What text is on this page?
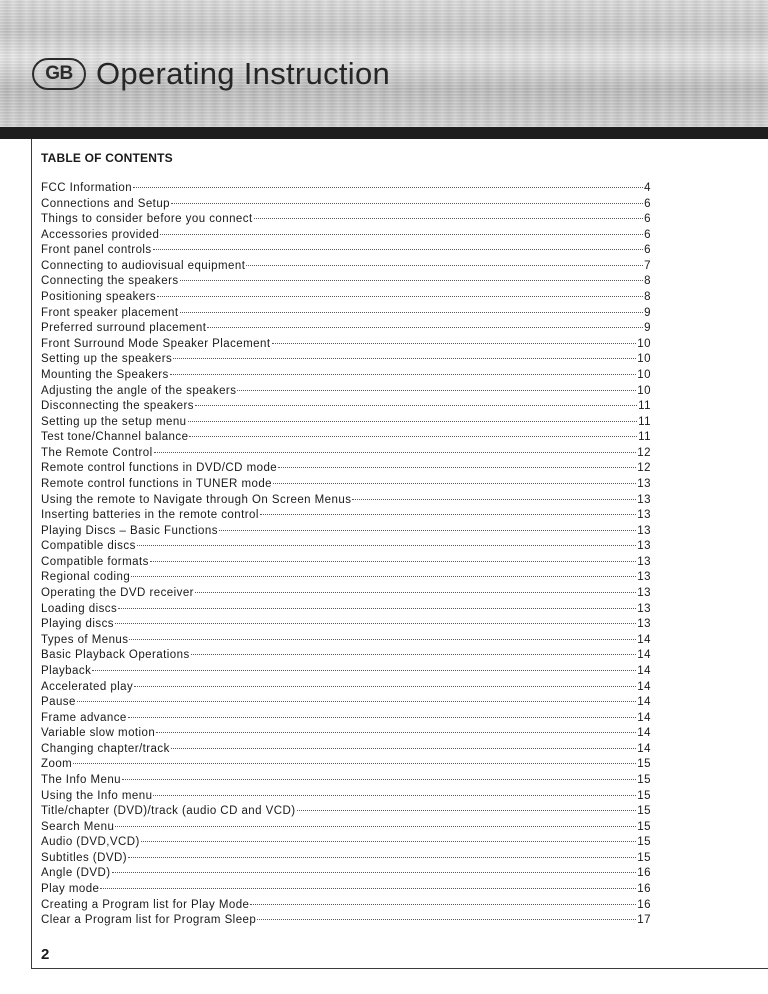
GB Operating Instruction
TABLE OF CONTENTS
FCC Information	4
Connections and Setup	6
Things to consider before you connect	6
Accessories provided	6
Front panel controls	6
Connecting to audiovisual equipment	7
Connecting the speakers	8
Positioning speakers	8
Front speaker placement	9
Preferred surround placement	9
Front Surround Mode Speaker Placement	10
Setting up the speakers	10
Mounting the Speakers	10
Adjusting the angle of the speakers	10
Disconnecting the speakers	11
Setting up the setup menu	11
Test tone/Channel balance	11
The Remote Control	12
Remote control functions in DVD/CD mode	12
Remote control functions in TUNER mode	13
Using the remote to Navigate through On Screen Menus	13
Inserting batteries in the remote control	13
Playing Discs – Basic Functions	13
Compatible discs	13
Compatible formats	13
Regional coding	13
Operating the DVD receiver	13
Loading discs	13
Playing discs	13
Types of Menus	14
Basic Playback Operations	14
Playback	14
Accelerated play	14
Pause	14
Frame advance	14
Variable slow motion	14
Changing chapter/track	14
Zoom	15
The Info Menu	15
Using the Info menu	15
Title/chapter (DVD)/track (audio CD and VCD)	15
Search Menu	15
Audio (DVD,VCD)	15
Subtitles (DVD)	15
Angle (DVD)	16
Play mode	16
Creating a Program list for Play Mode	16
Clear a Program list for Program Sleep	17
2
